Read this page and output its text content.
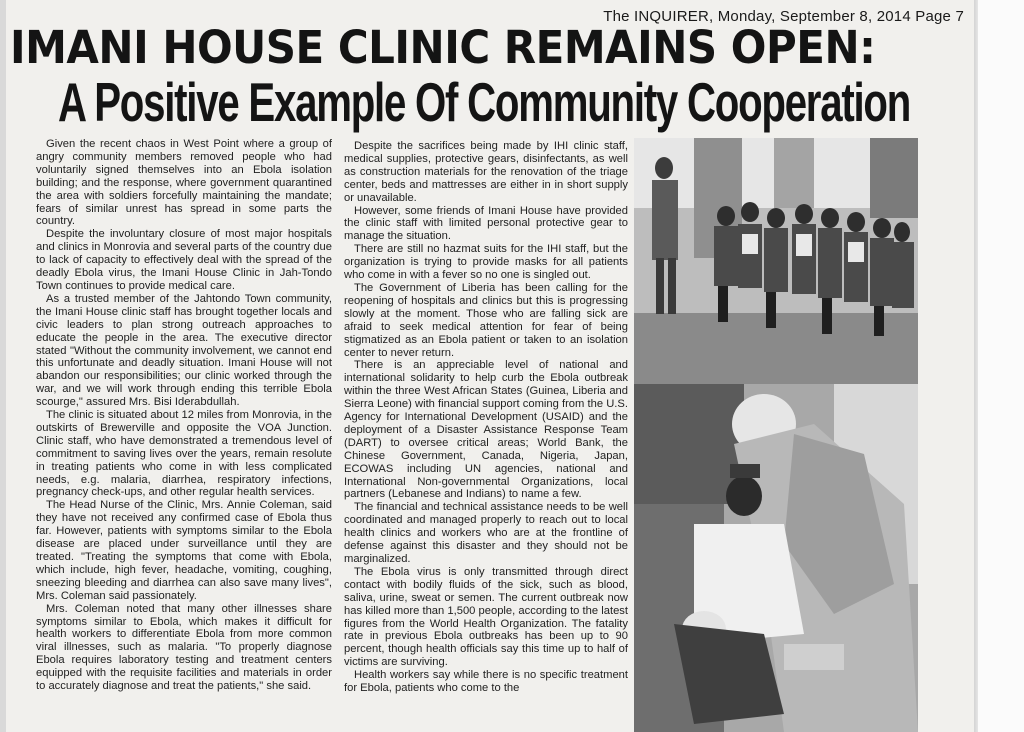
The INQUIRER, Monday, September 8, 2014 Page 7
IMANI HOUSE CLINIC REMAINS OPEN:
A Positive Example Of Community Cooperation

Given the recent chaos in West Point where a group of angry community members removed people who had voluntarily signed themselves into an Ebola isolation building; and the response, where government quarantined the area with soldiers forcefully maintaining the mandate; fears of similar unrest has spread in some parts the country.

Despite the involuntary closure of most major hospitals and clinics in Monrovia and several parts of the country due to lack of capacity to effectively deal with the spread of the deadly Ebola virus, the Imani House Clinic in Jah-Tondo Town continues to provide medical care.

As a trusted member of the Jahtondo Town community, the Imani House clinic staff has brought together locals and civic leaders to plan strong outreach approaches to educate the people in the area. The executive director stated "Without the community involvement, we cannot end this unfortunate and deadly situation. Imani House will not abandon our responsibilities; our clinic worked through the war, and we will work through ending this terrible Ebola scourge," assured Mrs. Bisi Iderabdullah.

The clinic is situated about 12 miles from Monrovia, in the outskirts of Brewerville and opposite the VOA Junction. Clinic staff, who have demonstrated a tremendous level of commitment to saving lives over the years, remain resolute in treating patients who come in with less complicated needs, e.g. malaria, diarrhea, respiratory infections, pregnancy check-ups, and other regular health services.

The Head Nurse of the Clinic, Mrs. Annie Coleman, said they have not received any confirmed case of Ebola thus far. However, patients with symptoms similar to the Ebola disease are placed under surveillance until they are treated. "Treating the symptoms that come with Ebola, which include, high fever, headache, vomiting, coughing, sneezing bleeding and diarrhea can also save many lives", Mrs. Coleman said passionately.

Mrs. Coleman noted that many other illnesses share symptoms similar to Ebola, which makes it difficult for health workers to differentiate Ebola from more common viral illnesses, such as malaria. "To properly diagnose Ebola requires laboratory testing and treatment centers equipped with the requisite facilities and materials in order to accurately diagnose and treat the patients," she said.

Despite the sacrifices being made by IHI clinic staff, medical supplies, protective gears, disinfectants, as well as construction materials for the renovation of the triage center, beds and mattresses are either in in short supply or unavailable.

However, some friends of Imani House have provided the clinic staff with limited personal protective gear to manage the situation.

There are still no hazmat suits for the IHI staff, but the organization is trying to provide masks for all patients who come in with a fever so no one is singled out.

The Government of Liberia has been calling for the reopening of hospitals and clinics but this is progressing slowly at the moment. Those who are falling sick are afraid to seek medical attention for fear of being stigmatized as an Ebola patient or taken to an isolation center to never return.

There is an appreciable level of national and international solidarity to help curb the Ebola outbreak within the three West African States (Guinea, Liberia and Sierra Leone) with financial support coming from the U.S. Agency for International Development (USAID) and the deployment of a Disaster Assistance Response Team (DART) to oversee critical areas; World Bank, the Chinese Government, Canada, Nigeria, Japan, ECOWAS including UN agencies, national and International Non-governmental Organizations, local partners (Lebanese and Indians) to name a few.

The financial and technical assistance needs to be well coordinated and managed properly to reach out to local health clinics and workers who are at the frontline of defense against this disaster and they should not be marginalized.

The Ebola virus is only transmitted through direct contact with bodily fluids of the sick, such as blood, saliva, urine, sweat or semen. The current outbreak now has killed more than 1,500 people, according to the latest figures from the World Health Organization. The fatality rate in previous Ebola outbreaks has been up to 90 percent, though health officials say this time up to half of victims are surviving.

Health workers say while there is no specific treatment for Ebola, patients who come to the
